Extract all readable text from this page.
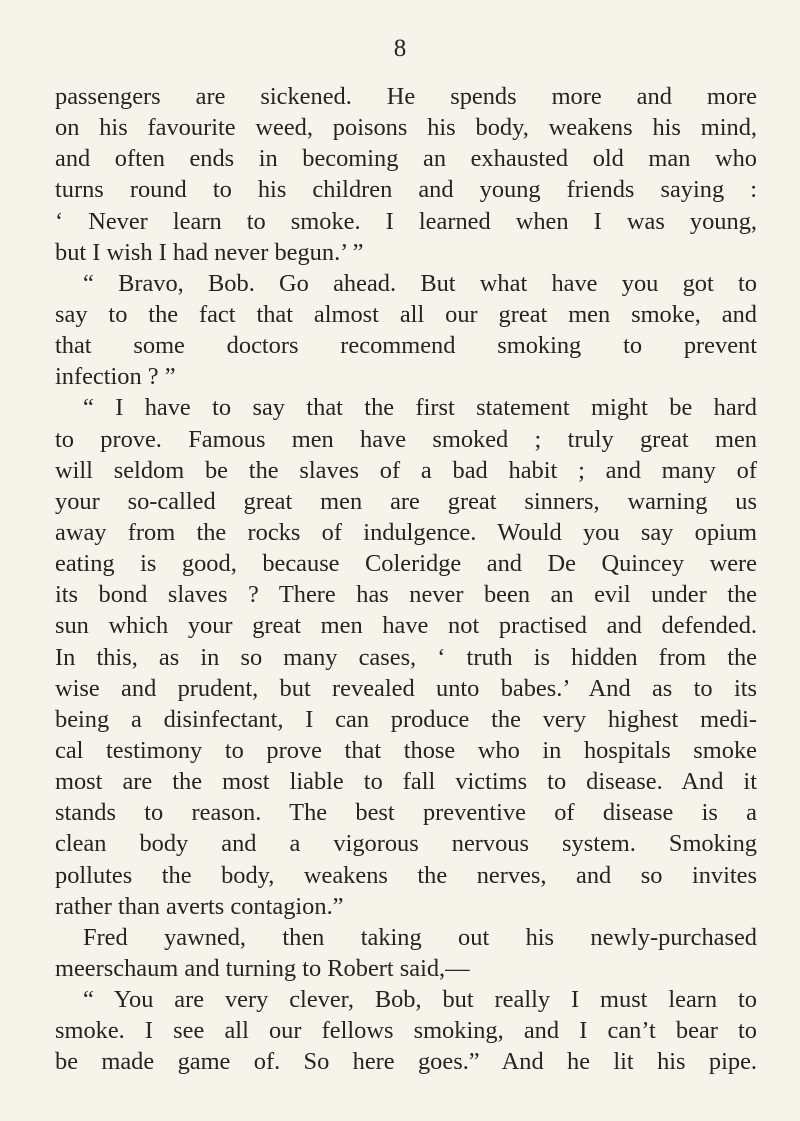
8
passengers are sickened. He spends more and more
on his favourite weed, poisons his body, weakens his mind,
and often ends in becoming an exhausted old man who
turns round to his children and young friends saying :
‘ Never learn to smoke. I learned when I was young,
but I wish I had never begun.’ ”
“ Bravo, Bob. Go ahead. But what have you got to
say to the fact that almost all our great men smoke, and
that some doctors recommend smoking to prevent
infection ? ”
“ I have to say that the first statement might be hard
to prove. Famous men have smoked ; truly great men
will seldom be the slaves of a bad habit ; and many of
your so-called great men are great sinners, warning us
away from the rocks of indulgence. Would you say opium
eating is good, because Coleridge and De Quincey were
its bond slaves ? There has never been an evil under the
sun which your great men have not practised and defended.
In this, as in so many cases, ‘ truth is hidden from the
wise and prudent, but revealed unto babes.’ And as to its
being a disinfectant, I can produce the very highest medi-
cal testimony to prove that those who in hospitals smoke
most are the most liable to fall victims to disease. And it
stands to reason. The best preventive of disease is a
clean body and a vigorous nervous system. Smoking
pollutes the body, weakens the nerves, and so invites
rather than averts contagion.”
Fred yawned, then taking out his newly-purchased
meerschaum and turning to Robert said,—
“ You are very clever, Bob, but really I must learn to
smoke. I see all our fellows smoking, and I can’t bear to
be made game of. So here goes.” And he lit his pipe.
